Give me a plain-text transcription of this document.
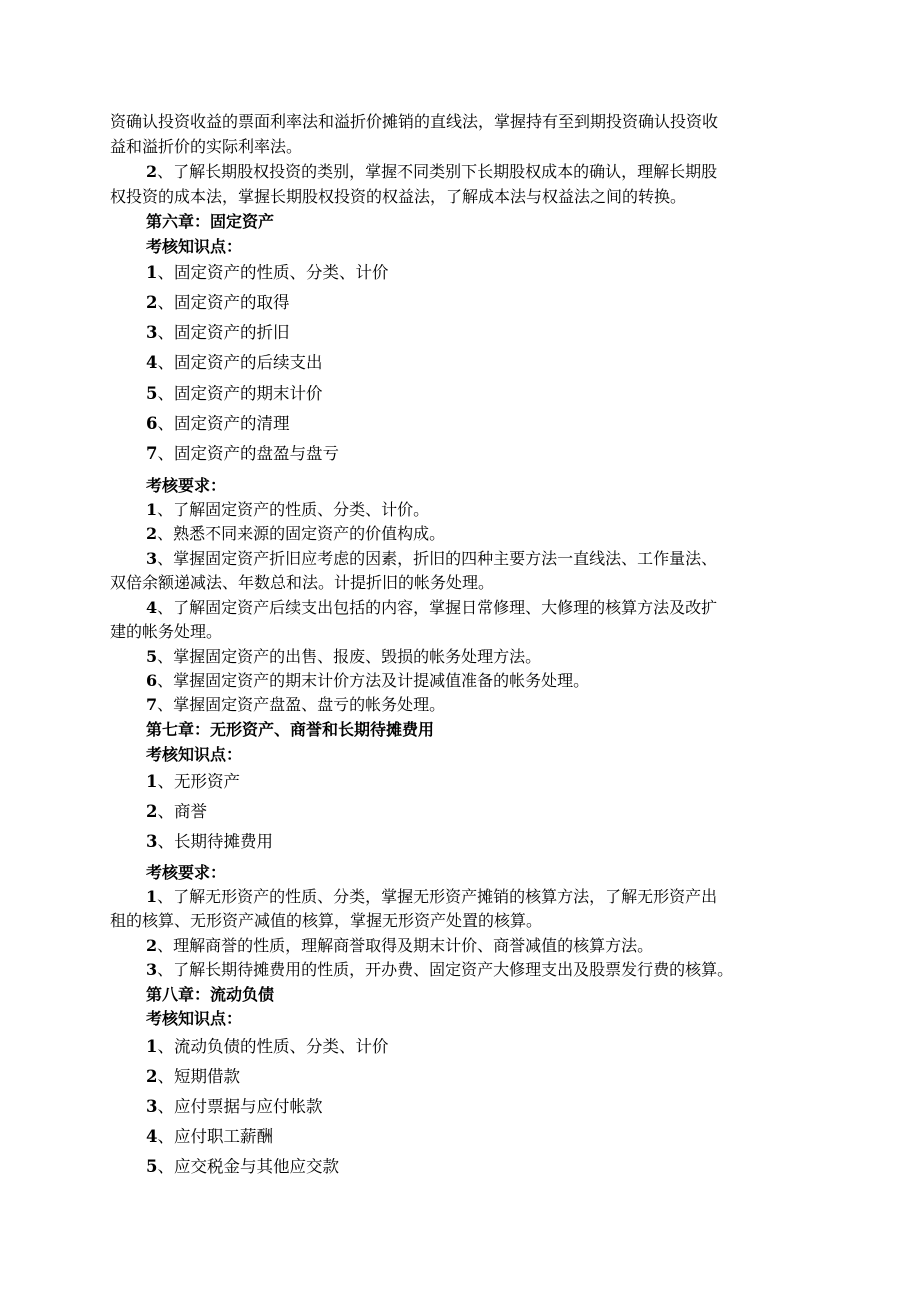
资确认投资收益的票面利率法和溢折价摊销的直线法，掌握持有至到期投资确认投资收
益和溢折价的实际利率法。
2、了解长期股权投资的类别，掌握不同类别下长期股权成本的确认，理解长期股
权投资的成本法，掌握长期股权投资的权益法，了解成本法与权益法之间的转换。
第六章：固定资产
考核知识点：
1、固定资产的性质、分类、计价
2、固定资产的取得
3、固定资产的折旧
4、固定资产的后续支出
5、固定资产的期末计价
6、固定资产的清理
7、固定资产的盘盈与盘亏
考核要求：
1、了解固定资产的性质、分类、计价。
2、熟悉不同来源的固定资产的价值构成。
3、掌握固定资产折旧应考虑的因素，折旧的四种主要方法一直线法、工作量法、
双倍余额递减法、年数总和法。计提折旧的帐务处理。
4、了解固定资产后续支出包括的内容，掌握日常修理、大修理的核算方法及改扩
建的帐务处理。
5、掌握固定资产的出售、报废、毁损的帐务处理方法。
6、掌握固定资产的期末计价方法及计提减值准备的帐务处理。
7、掌握固定资产盘盈、盘亏的帐务处理。
第七章：无形资产、商誉和长期待摊费用
考核知识点：
1、无形资产
2、商誉
3、长期待摊费用
考核要求：
1、了解无形资产的性质、分类，掌握无形资产摊销的核算方法，了解无形资产出
租的核算、无形资产减值的核算，掌握无形资产处置的核算。
2、理解商誉的性质，理解商誉取得及期末计价、商誉减值的核算方法。
3、了解长期待摊费用的性质，开办费、固定资产大修理支出及股票发行费的核算。
第八章：流动负债
考核知识点：
1、流动负债的性质、分类、计价
2、短期借款
3、应付票据与应付帐款
4、应付职工薪酬
5、应交税金与其他应交款
